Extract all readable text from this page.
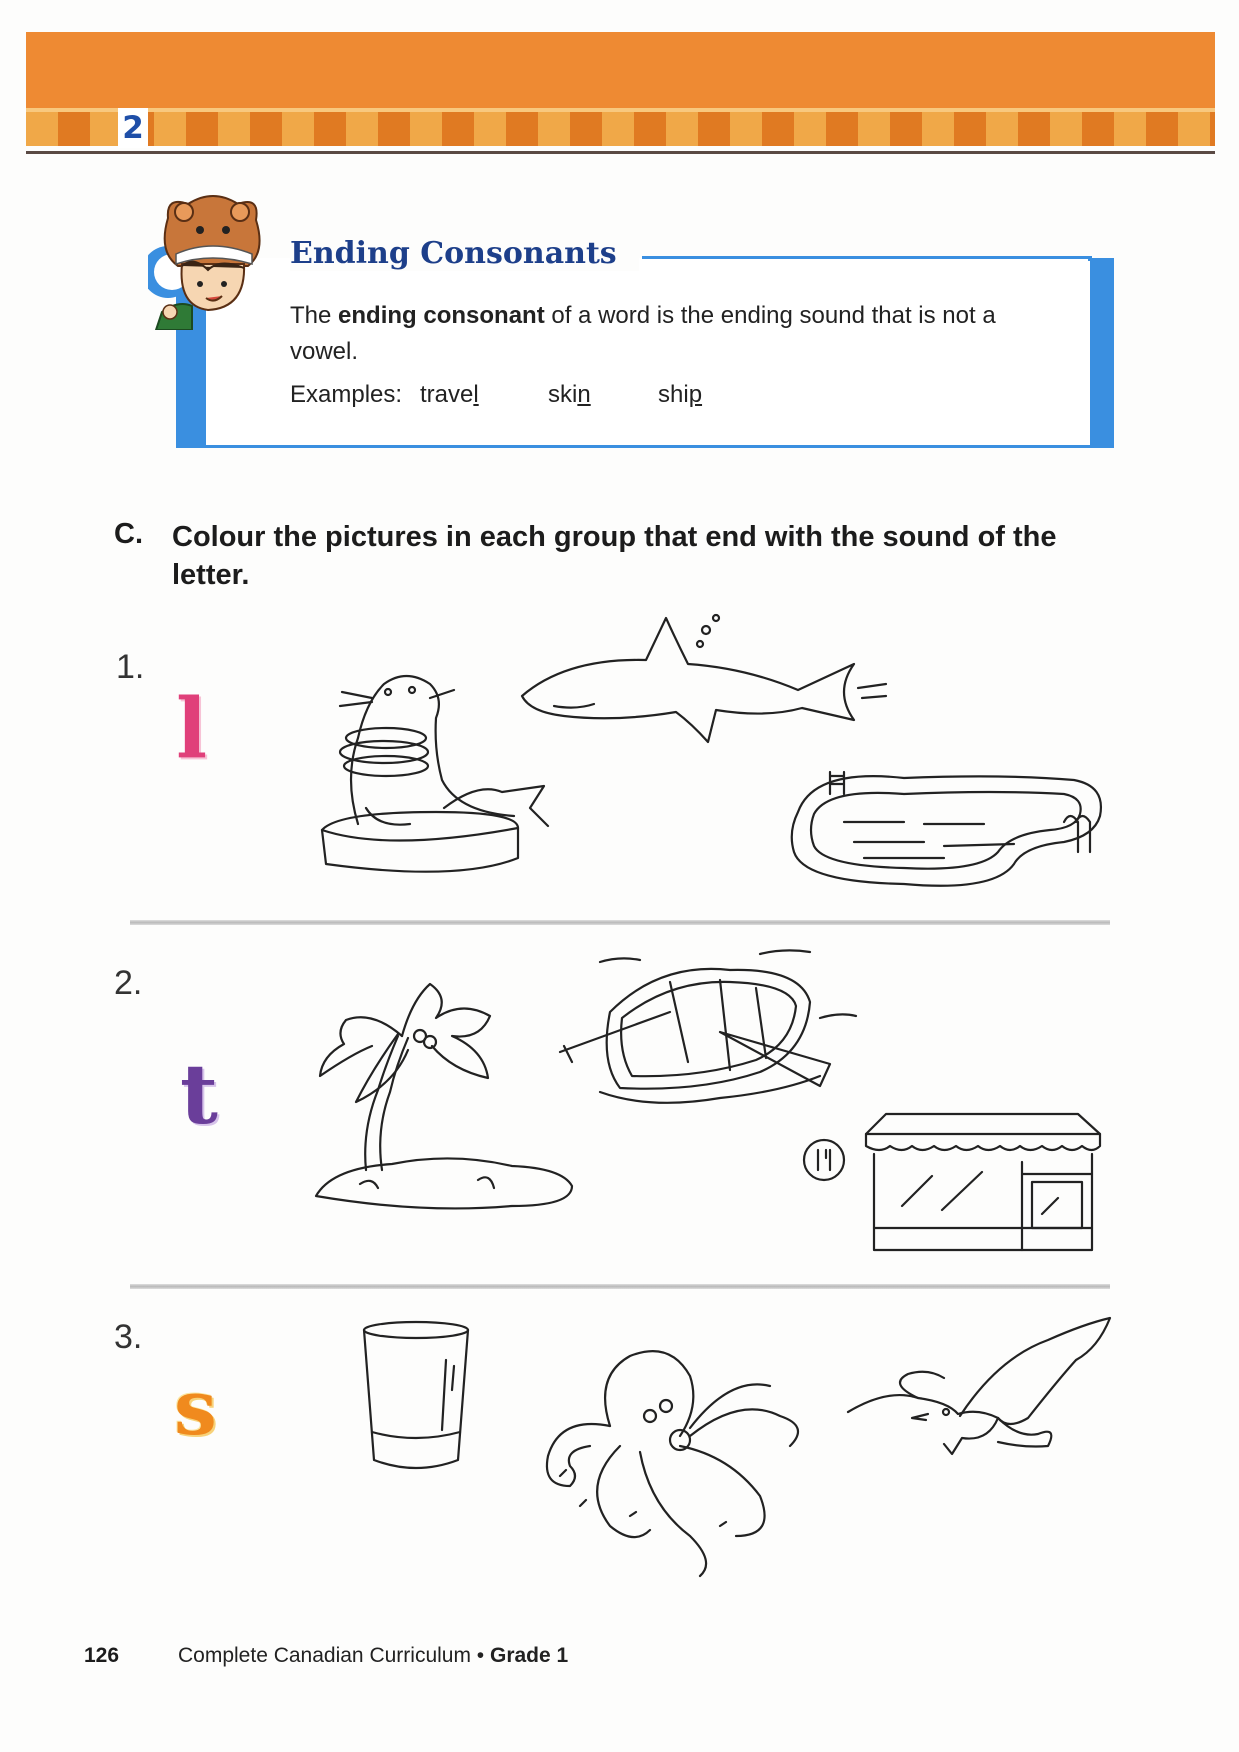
2
Ending Consonants
The ending consonant of a word is the ending sound that is not a vowel.
Examples: travel	skin	ship
C. Colour the pictures in each group that end with the sound of the letter.
1.
l
2.
t
3.
s
126	Complete Canadian Curriculum • Grade 1
